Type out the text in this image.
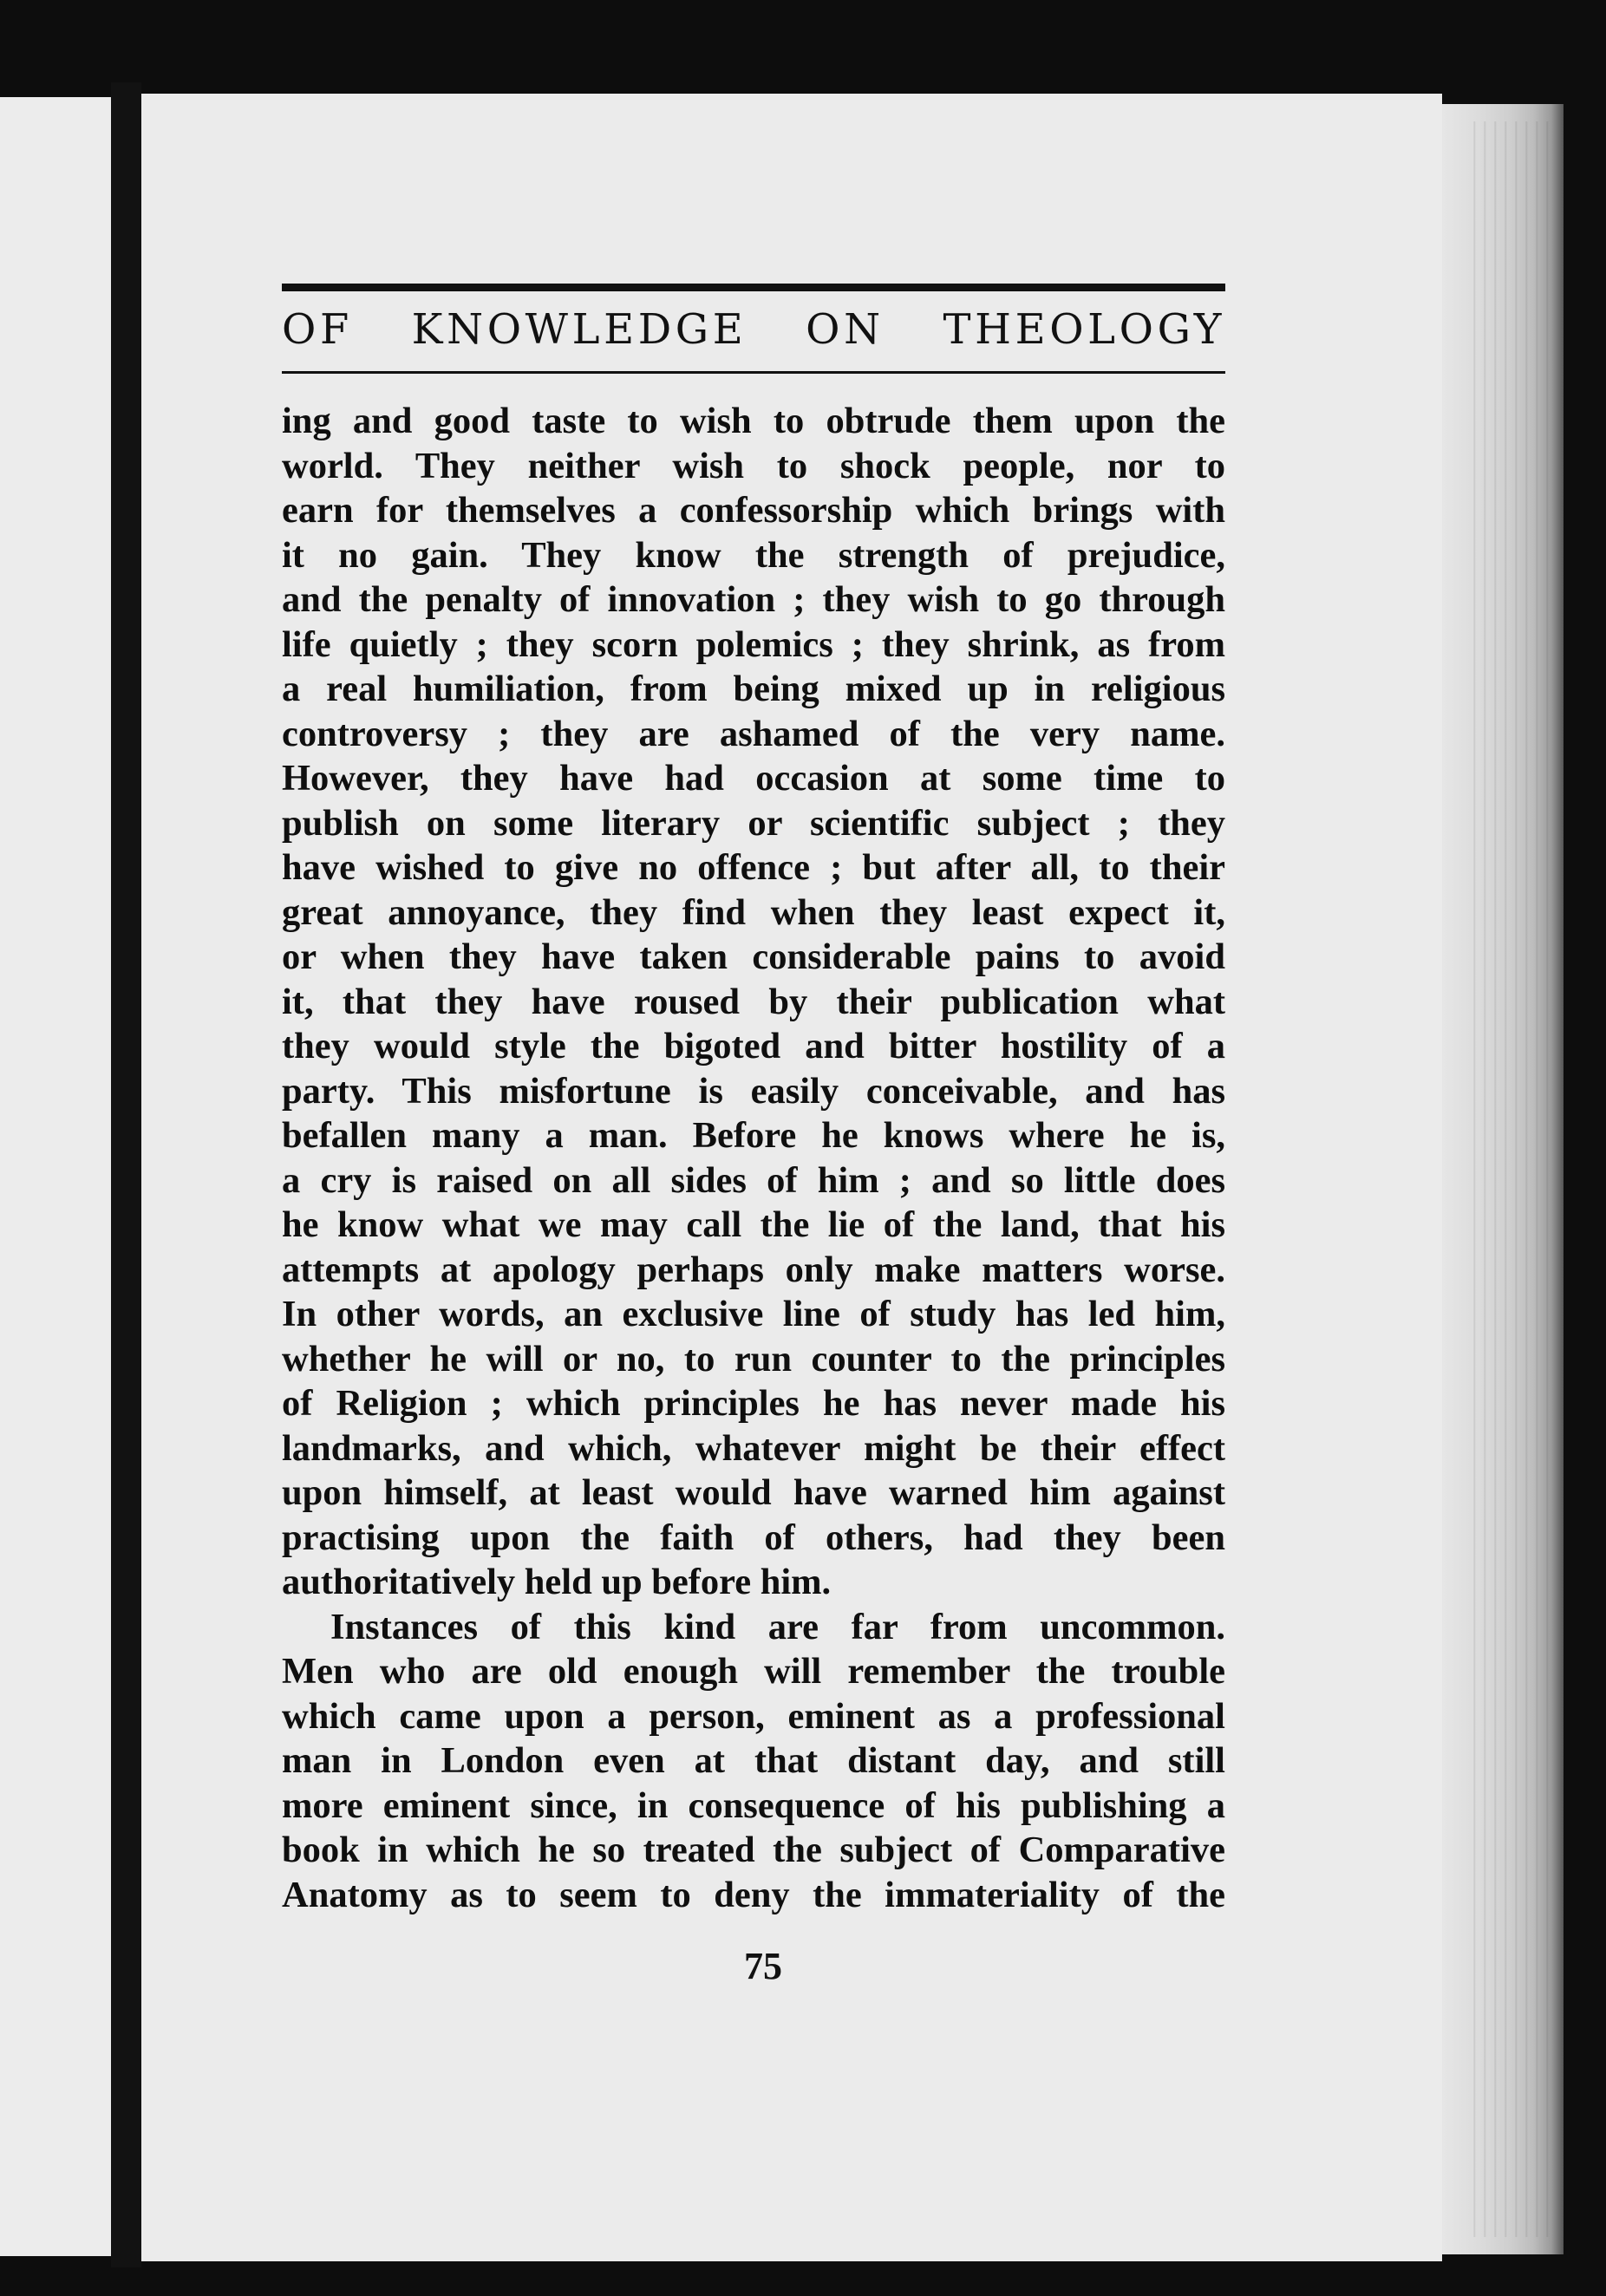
OF KNOWLEDGE ON THEOLOGY
ing and good taste to wish to obtrude them upon the
world. They neither wish to shock people, nor to
earn for themselves a confessorship which brings with
it no gain. They know the strength of prejudice,
and the penalty of innovation ; they wish to go through
life quietly ; they scorn polemics ; they shrink, as from
a real humiliation, from being mixed up in religious
controversy ; they are ashamed of the very name.
However, they have had occasion at some time to
publish on some literary or scientific subject ; they
have wished to give no offence ; but after all, to their
great annoyance, they find when they least expect it,
or when they have taken considerable pains to avoid
it, that they have roused by their publication what
they would style the bigoted and bitter hostility of a
party. This misfortune is easily conceivable, and has
befallen many a man. Before he knows where he is,
a cry is raised on all sides of him ; and so little does
he know what we may call the lie of the land, that his
attempts at apology perhaps only make matters worse.
In other words, an exclusive line of study has led him,
whether he will or no, to run counter to the principles
of Religion ; which principles he has never made his
landmarks, and which, whatever might be their effect
upon himself, at least would have warned him against
practising upon the faith of others, had they been
authoritatively held up before him.
Instances of this kind are far from uncommon.
Men who are old enough will remember the trouble
which came upon a person, eminent as a professional
man in London even at that distant day, and still
more eminent since, in consequence of his publishing a
book in which he so treated the subject of Comparative
Anatomy as to seem to deny the immateriality of the
75
